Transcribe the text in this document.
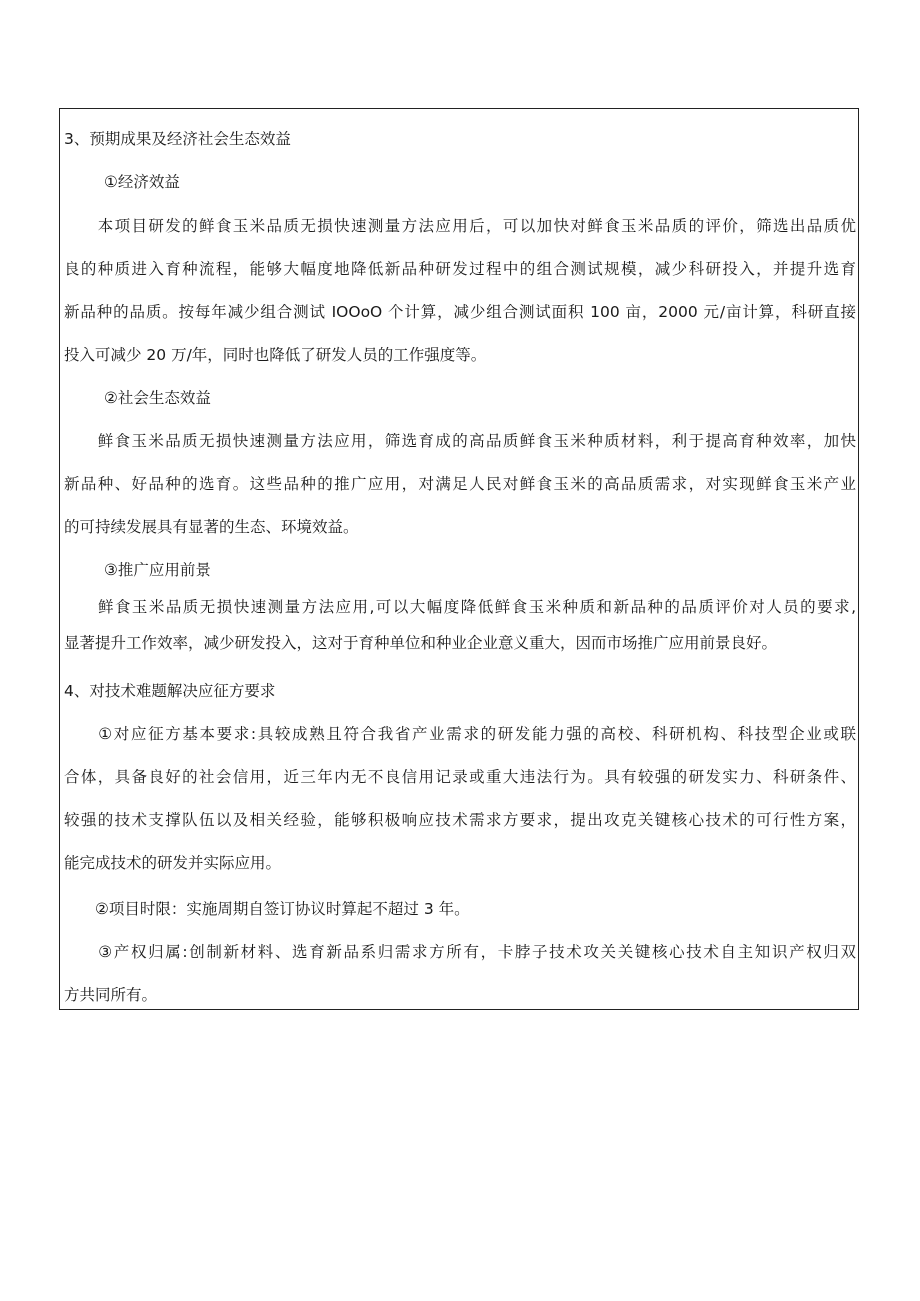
3、预期成果及经济社会生态效益

①经济效益

　　本项目研发的鲜食玉米品质无损快速测量方法应用后，可以加快对鲜食玉米品质的评价，筛选出品质优

良的种质进入育种流程，能够大幅度地降低新品种研发过程中的组合测试规模，减少科研投入，并提升选育

新品种的品质。按每年减少组合测试 IOOoO 个计算，减少组合测试面积 100 亩，2000 元/亩计算，科研直接

投入可减少 20 万/年，同时也降低了研发人员的工作强度等。

②社会生态效益

　　鲜食玉米品质无损快速测量方法应用，筛选育成的高品质鲜食玉米种质材料，利于提高育种效率，加快

新品种、好品种的选育。这些品种的推广应用，对满足人民对鲜食玉米的高品质需求，对实现鲜食玉米产业

的可持续发展具有显著的生态、环境效益。

③推广应用前景

　　鲜食玉米品质无损快速测量方法应用,可以大幅度降低鲜食玉米种质和新品种的品质评价对人员的要求,

显著提升工作效率，减少研发投入，这对于育种单位和种业企业意义重大，因而市场推广应用前景良好。

4、对技术难题解决应征方要求

　　①对应征方基本要求:具较成熟且符合我省产业需求的研发能力强的高校、科研机构、科技型企业或联

合体，具备良好的社会信用，近三年内无不良信用记录或重大违法行为。具有较强的研发实力、科研条件、

较强的技术支撑队伍以及相关经验，能够积极响应技术需求方要求，提出攻克关键核心技术的可行性方案，

能完成技术的研发并实际应用。

　　②项目时限：实施周期自签订协议时算起不超过 3 年。

　　③产权归属:创制新材料、选育新品系归需求方所有，卡脖子技术攻关关键核心技术自主知识产权归双

方共同所有。
